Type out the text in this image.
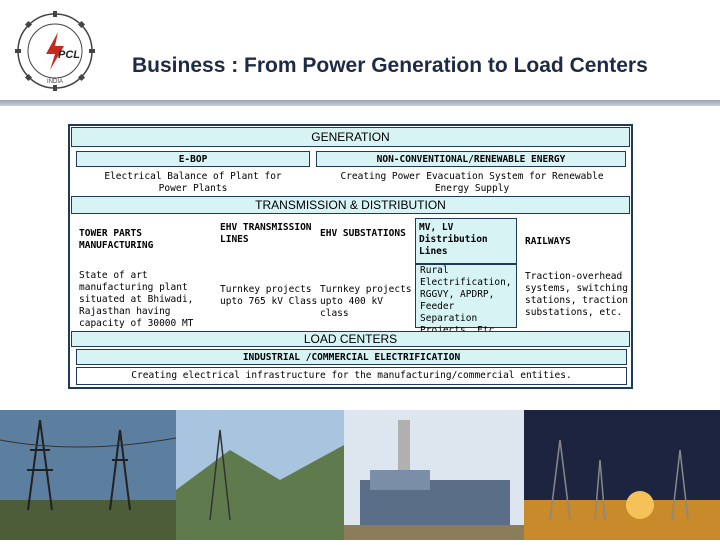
PCL
INDIA
Business : From Power Generation to Load Centers
GENERATION
E-BOP
Electrical Balance of Plant for Power Plants
NON-CONVENTIONAL/RENEWABLE ENERGY
Creating Power Evacuation System for Renewable Energy Supply
TRANSMISSION & DISTRIBUTION
TOWER PARTS MANUFACTURING
EHV TRANSMISSION LINES
EHV SUBSTATIONS
MV, LV Distribution Lines
RAILWAYS
State of art manufacturing plant situated at Bhiwadi, Rajasthan having capacity of 30000 MT
Turnkey projects upto 765 kV Class
Turnkey projects upto 400 kV class
Rural Electrification, RGGVY, APDRP, Feeder Separation
Traction-overhead systems, switching stations, traction substations, etc.
LOAD CENTERS
INDUSTRIAL /COMMERCIAL ELECTRIFICATION
Creating electrical infrastructure for the manufacturing/commercial entities.
